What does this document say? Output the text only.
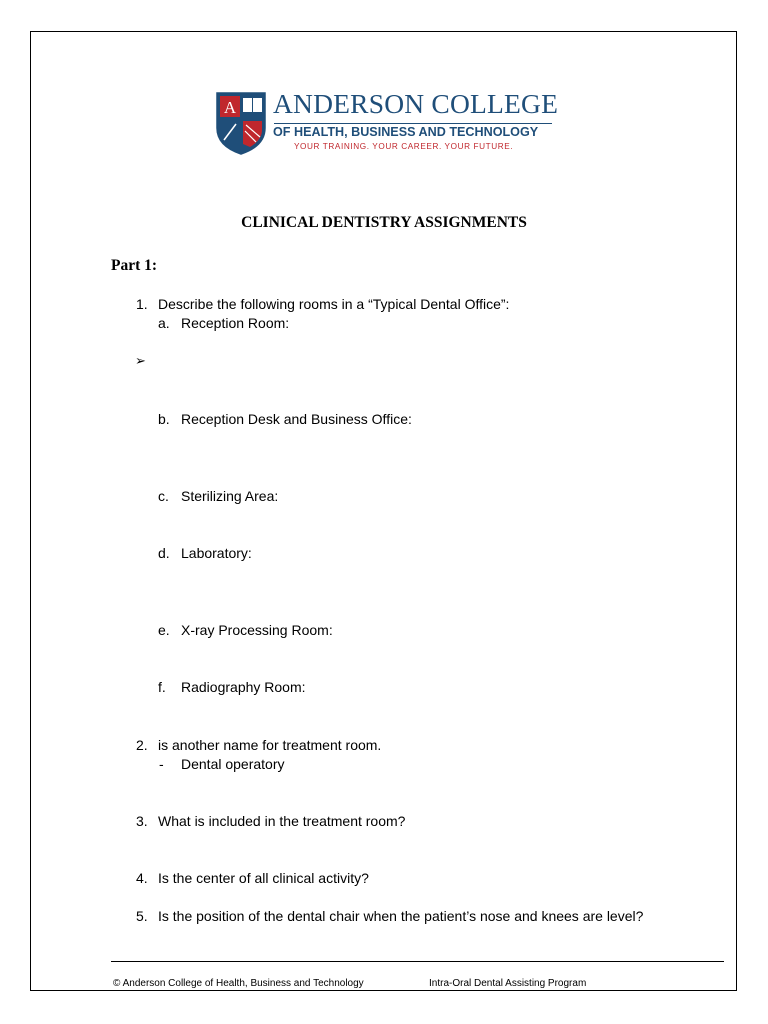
A ANDERSON COLLEGE
OF HEALTH, BUSINESS AND TECHNOLOGY
YOUR TRAINING. YOUR CAREER. YOUR FUTURE.
CLINICAL DENTISTRY ASSIGNMENTS
Part 1:
1. Describe the following rooms in a “Typical Dental Office”:
a. Reception Room:
➢
b. Reception Desk and Business Office:
c. Sterilizing Area:
d. Laboratory:
e. X-ray Processing Room:
f. Radiography Room:
2. is another name for treatment room.
- Dental operatory
3. What is included in the treatment room?
4. Is the center of all clinical activity?
5. Is the position of the dental chair when the patient’s nose and knees are level?
© Anderson College of Health, Business and Technology	Intra-Oral Dental Assisting Program
